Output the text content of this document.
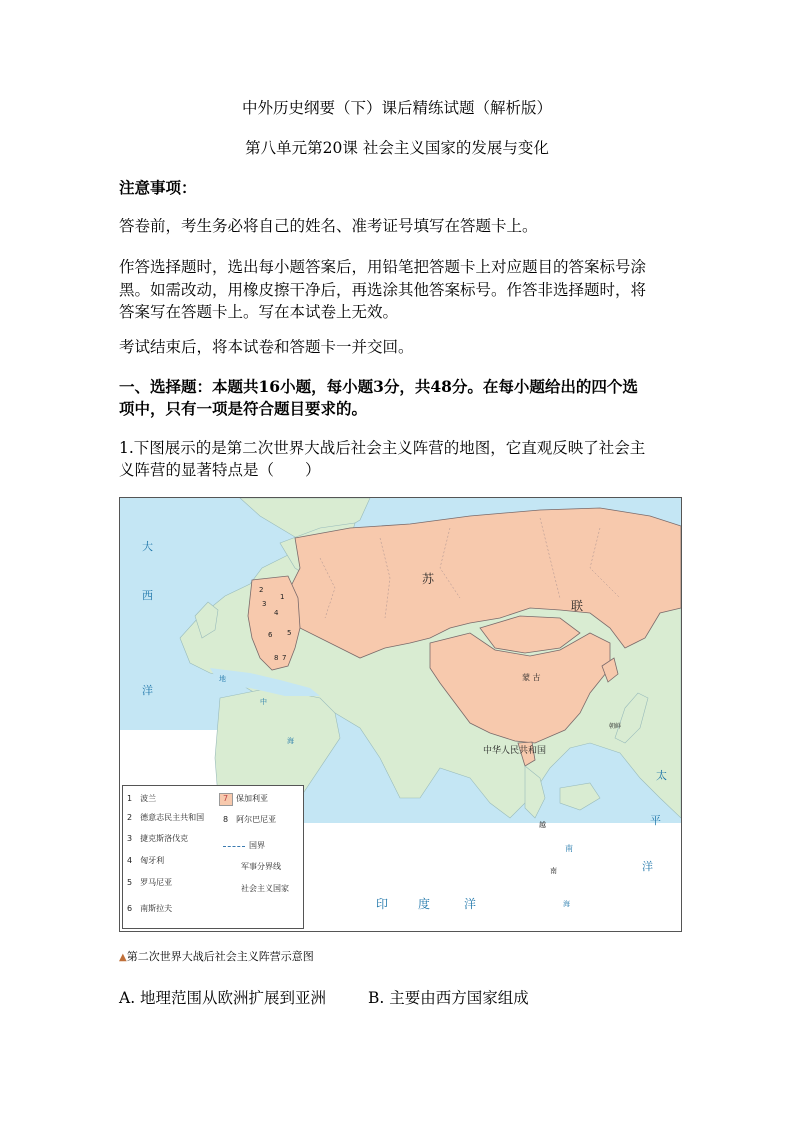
中外历史纲要（下）课后精练试题（解析版）
第八单元第20课 社会主义国家的发展与变化
注意事项：
答卷前，考生务必将自己的姓名、准考证号填写在答题卡上。
作答选择题时，选出每小题答案后，用铅笔把答题卡上对应题目的答案标号涂
黑。如需改动，用橡皮擦干净后，再选涂其他答案标号。作答非选择题时，将
答案写在答题卡上。写在本试卷上无效。
考试结束后，将本试卷和答题卡一并交回。
一、选择题：本题共16小题，每小题3分，共48分。在每小题给出的四个选
项中，只有一项是符合题目要求的。
1.下图展示的是第二次世界大战后社会主义阵营的地图，它直观反映了社会主
义阵营的显著特点是（　　）
大
西
洋
苏
联
地
中
海
蒙 古
中华人民共和国
朝鲜
太
平
洋
南
南
海
印 度	洋
越
1
2
3
4
5
6
7
8
1　波兰
2　德意志民主共和国
3　捷克斯洛伐克
4　匈牙利
5　罗马尼亚
6　南斯拉夫
7 保加利亚
8　阿尔巴尼亚
国界
军事分界线
社会主义国家
▲第二次世界大战后社会主义阵营示意图
A. 地理范围从欧洲扩展到亚洲	B. 主要由西方国家组成
